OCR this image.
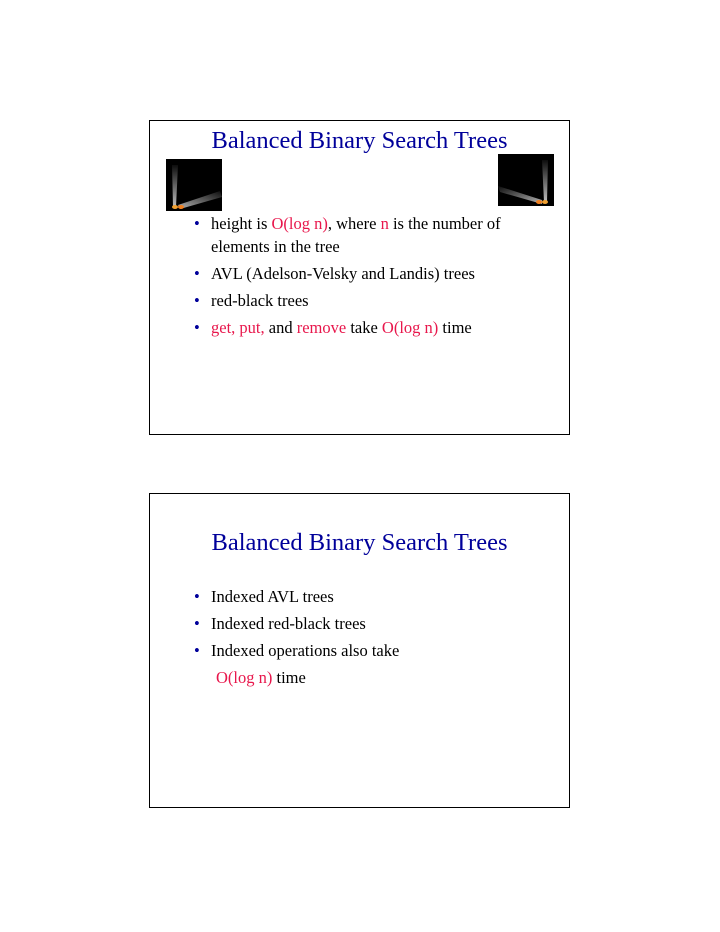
Balanced Binary Search Trees
• height is O(log n), where n is the number of elements in the tree
• AVL (Adelson-Velsky and Landis) trees
• red-black trees
• get, put, and remove take O(log n) time
Balanced Binary Search Trees
• Indexed AVL trees
• Indexed red-black trees
• Indexed operations also take
O(log n) time
